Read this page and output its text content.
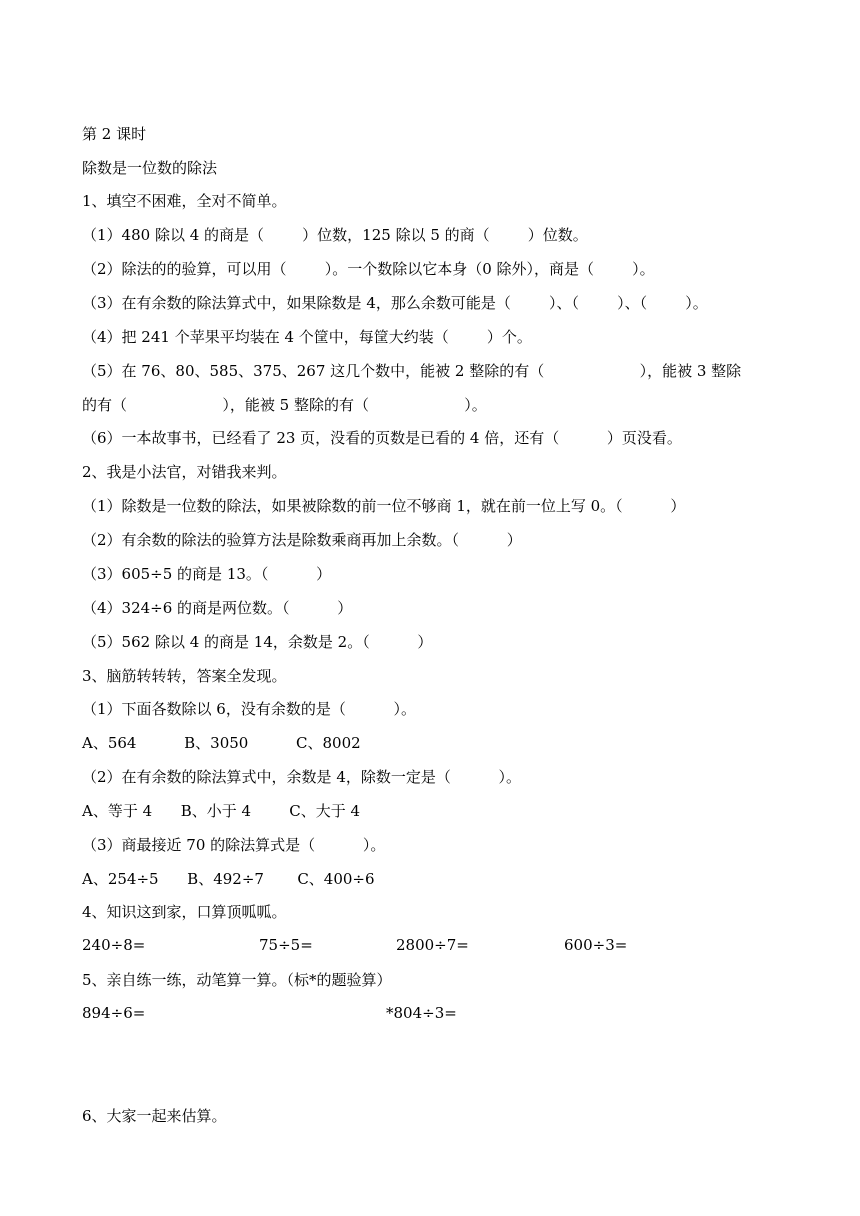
第 2 课时
除数是一位数的除法
1、填空不困难，全对不简单。
（1）480 除以 4 的商是（        ）位数，125 除以 5 的商（        ）位数。
（2）除法的的验算，可以用（        ）。一个数除以它本身（0 除外），商是（        ）。
（3）在有余数的除法算式中，如果除数是 4，那么余数可能是（        ）、（        ）、（        ）。
（4）把 241 个苹果平均装在 4 个筐中，每筐大约装（        ）个。
（5）在 76、80、585、375、267 这几个数中，能被 2 整除的有（                    ），能被 3 整除
的有（                    ），能被 5 整除的有（                    ）。
（6）一本故事书，已经看了 23 页，没看的页数是已看的 4 倍，还有（          ）页没看。
2、我是小法官，对错我来判。
（1）除数是一位数的除法，如果被除数的前一位不够商 1，就在前一位上写 0。（          ）
（2）有余数的除法的验算方法是除数乘商再加上余数。（          ）
（3）605÷5 的商是 13。（          ）
（4）324÷6 的商是两位数。（          ）
（5）562 除以 4 的商是 14，余数是 2。（          ）
3、脑筋转转转，答案全发现。
（1）下面各数除以 6，没有余数的是（          ）。
A、564          B、3050          C、8002
（2）在有余数的除法算式中，余数是 4，除数一定是（          ）。
A、等于 4      B、小于 4        C、大于 4
（3）商最接近 70 的除法算式是（          ）。
A、254÷5      B、492÷7       C、400÷6
4、知识这到家，口算顶呱呱。
240÷8=	75÷5=	2800÷7=	600÷3=
5、亲自练一练，动笔算一算。（标*的题验算）
894÷6=	*804÷3=
6、大家一起来估算。
